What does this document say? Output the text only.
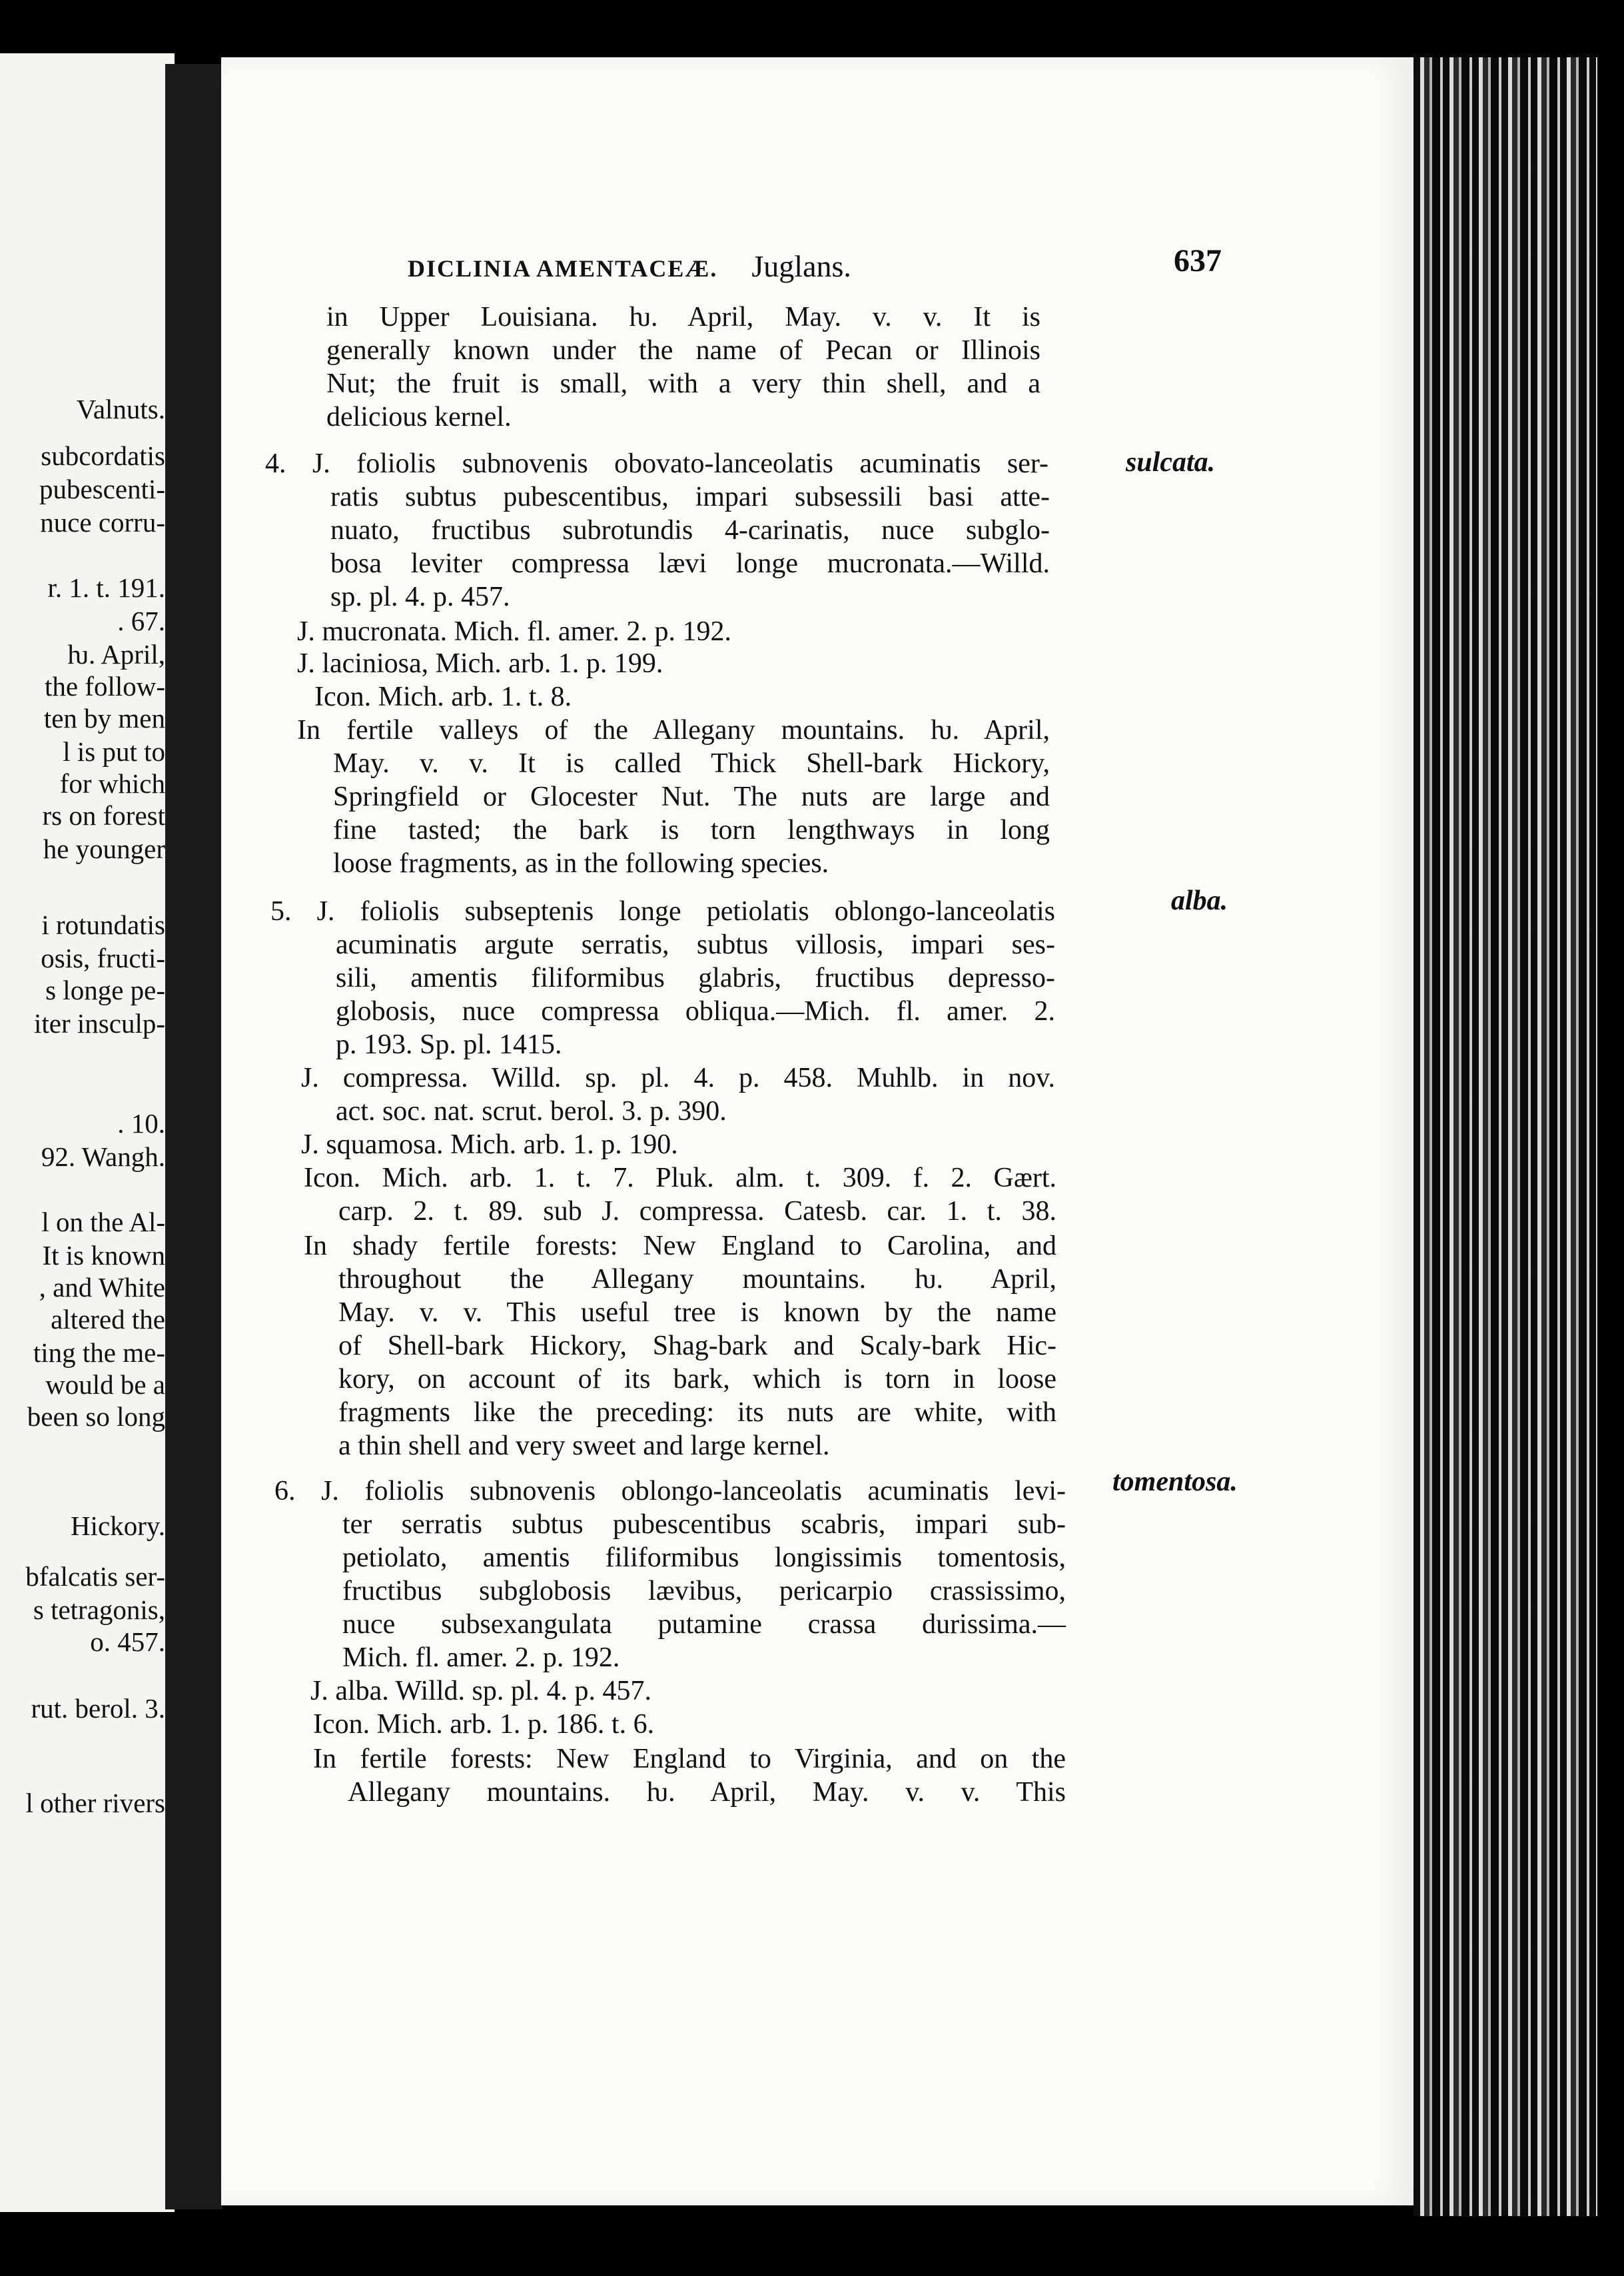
Valnuts.
subcordatis
pubescenti-
nuce corru-
r. 1. t. 191.
. 67.
ƕ. April,
the follow-
ten by men
l is put to
for which
rs on forest
he younger
i rotundatis
osis, fructi-
s longe pe-
iter insculp-
. 10.
92. Wangh.
l on the Al-
It is known
, and White
altered the
ting the me-
would be a
been so long
Hickory.
bfalcatis ser-
s tetragonis,
o. 457.
rut. berol. 3.
l other rivers
DICLINIA AMENTACEÆ. Juglans.	637
sulcata.
alba.
tomentosa.
in Upper Louisiana. ƕ. April, May. v. v. It is
generally known under the name of Pecan or Illinois
Nut; the fruit is small, with a very thin shell, and a
delicious kernel.
4. J. foliolis subnovenis obovato-lanceolatis acuminatis ser-
ratis subtus pubescentibus, impari subsessili basi atte-
nuato, fructibus subrotundis 4-carinatis, nuce subglo-
bosa leviter compressa lævi longe mucronata.—Willd.
sp. pl. 4. p. 457.
J. mucronata. Mich. fl. amer. 2. p. 192.
J. laciniosa, Mich. arb. 1. p. 199.
Icon. Mich. arb. 1. t. 8.
In fertile valleys of the Allegany mountains. ƕ. April,
May. v. v. It is called Thick Shell-bark Hickory,
Springfield or Glocester Nut. The nuts are large and
fine tasted; the bark is torn lengthways in long
loose fragments, as in the following species.
5. J. foliolis subseptenis longe petiolatis oblongo-lanceolatis
acuminatis argute serratis, subtus villosis, impari ses-
sili, amentis filiformibus glabris, fructibus depresso-
globosis, nuce compressa obliqua.—Mich. fl. amer. 2.
p. 193. Sp. pl. 1415.
J. compressa. Willd. sp. pl. 4. p. 458. Muhlb. in nov.
act. soc. nat. scrut. berol. 3. p. 390.
J. squamosa. Mich. arb. 1. p. 190.
Icon. Mich. arb. 1. t. 7. Pluk. alm. t. 309. f. 2. Gært.
carp. 2. t. 89. sub J. compressa. Catesb. car. 1. t. 38.
In shady fertile forests: New England to Carolina, and
throughout the Allegany mountains. ƕ. April,
May. v. v. This useful tree is known by the name
of Shell-bark Hickory, Shag-bark and Scaly-bark Hic-
kory, on account of its bark, which is torn in loose
fragments like the preceding: its nuts are white, with
a thin shell and very sweet and large kernel.
6. J. foliolis subnovenis oblongo-lanceolatis acuminatis levi-
ter serratis subtus pubescentibus scabris, impari sub-
petiolato, amentis filiformibus longissimis tomentosis,
fructibus subglobosis lævibus, pericarpio crassissimo,
nuce subsexangulata putamine crassa durissima.—
Mich. fl. amer. 2. p. 192.
J. alba. Willd. sp. pl. 4. p. 457.
Icon. Mich. arb. 1. p. 186. t. 6.
In fertile forests: New England to Virginia, and on the
Allegany mountains. ƕ. April, May. v. v. This
